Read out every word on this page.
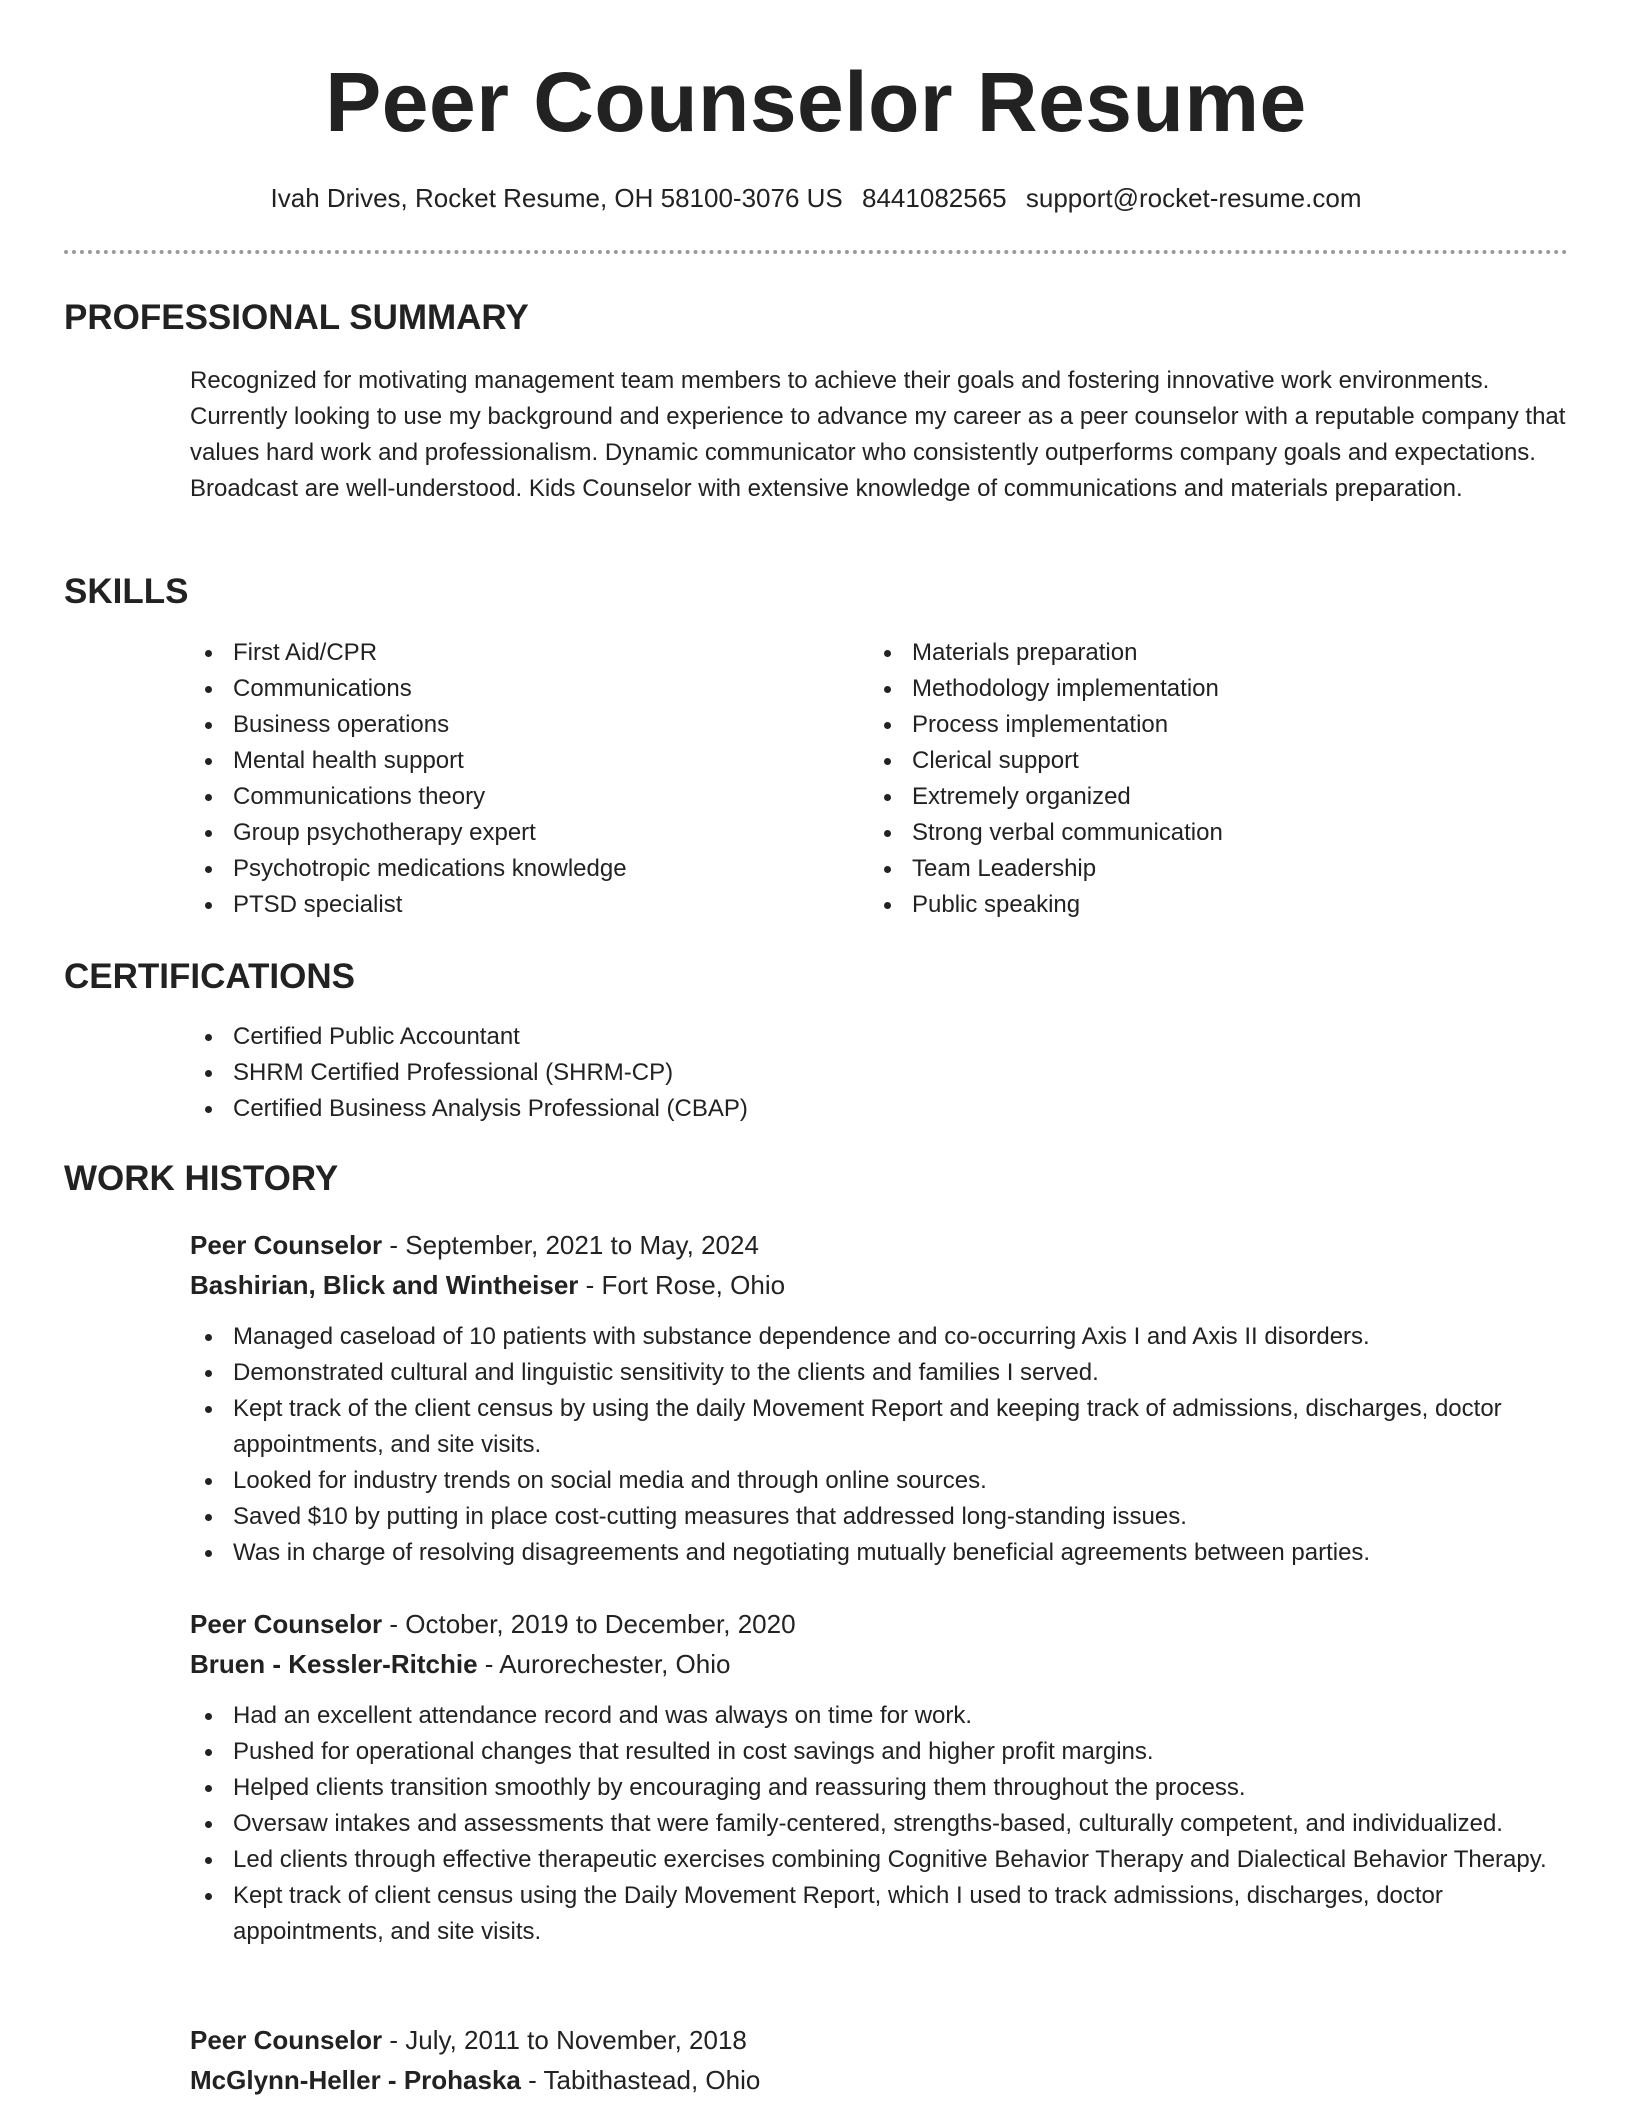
Peer Counselor Resume
Ivah Drives, Rocket Resume, OH 58100-3076 US 8441082565 support@rocket-resume.com
PROFESSIONAL SUMMARY
Recognized for motivating management team members to achieve their goals and fostering innovative work environments. Currently looking to use my background and experience to advance my career as a peer counselor with a reputable company that values hard work and professionalism. Dynamic communicator who consistently outperforms company goals and expectations. Broadcast are well-understood. Kids Counselor with extensive knowledge of communications and materials preparation.
SKILLS
First Aid/CPR
Communications
Business operations
Mental health support
Communications theory
Group psychotherapy expert
Psychotropic medications knowledge
PTSD specialist
Materials preparation
Methodology implementation
Process implementation
Clerical support
Extremely organized
Strong verbal communication
Team Leadership
Public speaking
CERTIFICATIONS
Certified Public Accountant
SHRM Certified Professional (SHRM-CP)
Certified Business Analysis Professional (CBAP)
WORK HISTORY
Peer Counselor - September, 2021 to May, 2024
Bashirian, Blick and Wintheiser - Fort Rose, Ohio
Managed caseload of 10 patients with substance dependence and co-occurring Axis I and Axis II disorders.
Demonstrated cultural and linguistic sensitivity to the clients and families I served.
Kept track of the client census by using the daily Movement Report and keeping track of admissions, discharges, doctor appointments, and site visits.
Looked for industry trends on social media and through online sources.
Saved $10 by putting in place cost-cutting measures that addressed long-standing issues.
Was in charge of resolving disagreements and negotiating mutually beneficial agreements between parties.
Peer Counselor - October, 2019 to December, 2020
Bruen - Kessler-Ritchie - Aurorechester, Ohio
Had an excellent attendance record and was always on time for work.
Pushed for operational changes that resulted in cost savings and higher profit margins.
Helped clients transition smoothly by encouraging and reassuring them throughout the process.
Oversaw intakes and assessments that were family-centered, strengths-based, culturally competent, and individualized.
Led clients through effective therapeutic exercises combining Cognitive Behavior Therapy and Dialectical Behavior Therapy.
Kept track of client census using the Daily Movement Report, which I used to track admissions, discharges, doctor appointments, and site visits.
Peer Counselor - July, 2011 to November, 2018
McGlynn-Heller - Prohaska - Tabithastead, Ohio
